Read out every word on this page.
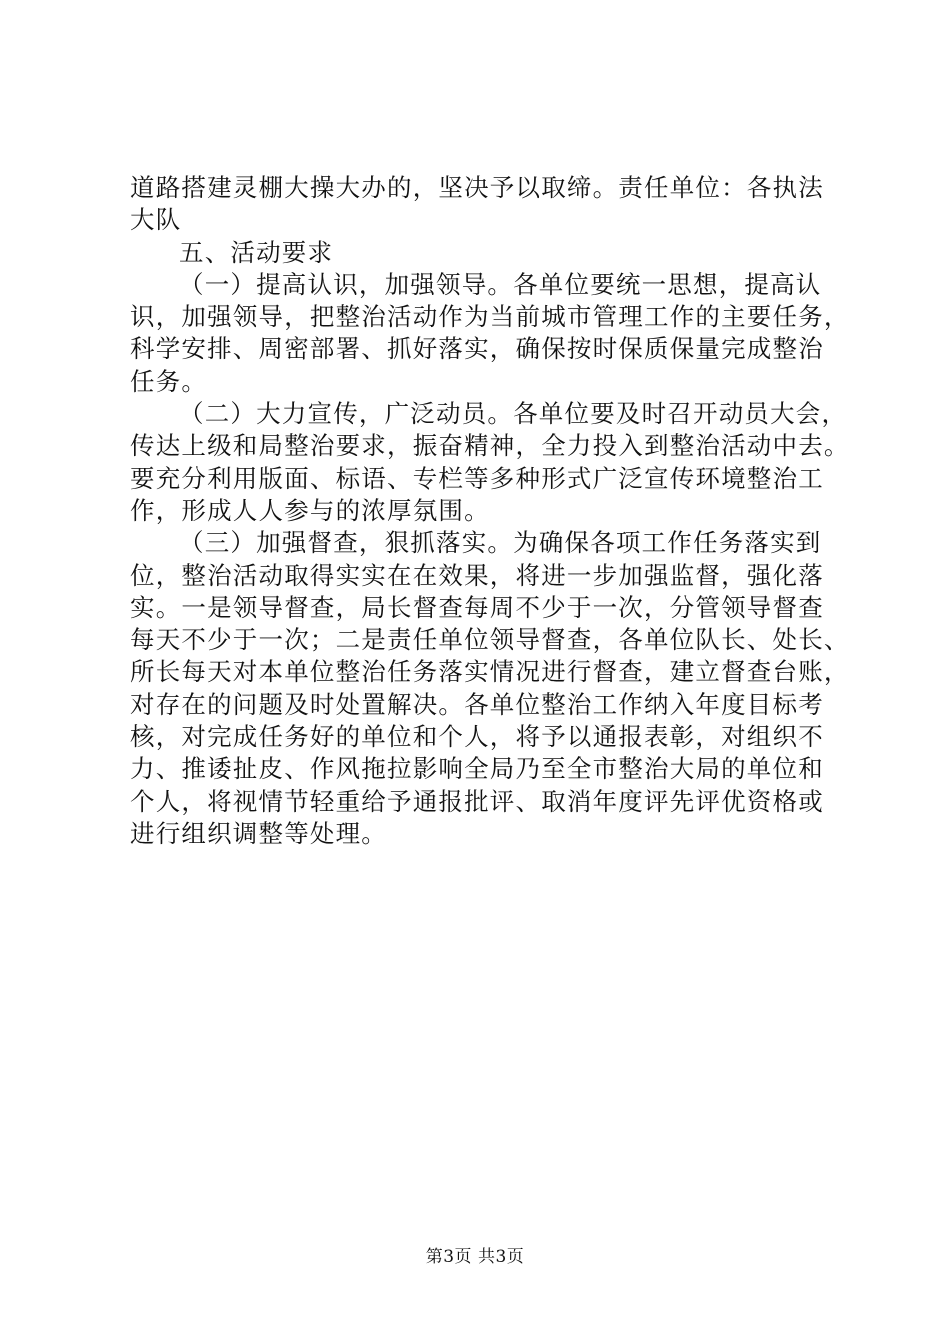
道路搭建灵棚大操大办的，坚决予以取缔。责任单位：各执法
大队
五、活动要求
（一）提高认识，加强领导。各单位要统一思想，提高认
识，加强领导，把整治活动作为当前城市管理工作的主要任务，
科学安排、周密部署、抓好落实，确保按时保质保量完成整治
任务。
（二）大力宣传，广泛动员。各单位要及时召开动员大会，
传达上级和局整治要求，振奋精神，全力投入到整治活动中去。
要充分利用版面、标语、专栏等多种形式广泛宣传环境整治工
作，形成人人参与的浓厚氛围。
（三）加强督查，狠抓落实。为确保各项工作任务落实到
位，整治活动取得实实在在效果，将进一步加强监督，强化落
实。一是领导督查，局长督查每周不少于一次，分管领导督查
每天不少于一次；二是责任单位领导督查，各单位队长、处长、
所长每天对本单位整治任务落实情况进行督查，建立督查台账，
对存在的问题及时处置解决。各单位整治工作纳入年度目标考
核，对完成任务好的单位和个人，将予以通报表彰，对组织不
力、推诿扯皮、作风拖拉影响全局乃至全市整治大局的单位和
个人，将视情节轻重给予通报批评、取消年度评先评优资格或
进行组织调整等处理。
第3页 共3页
